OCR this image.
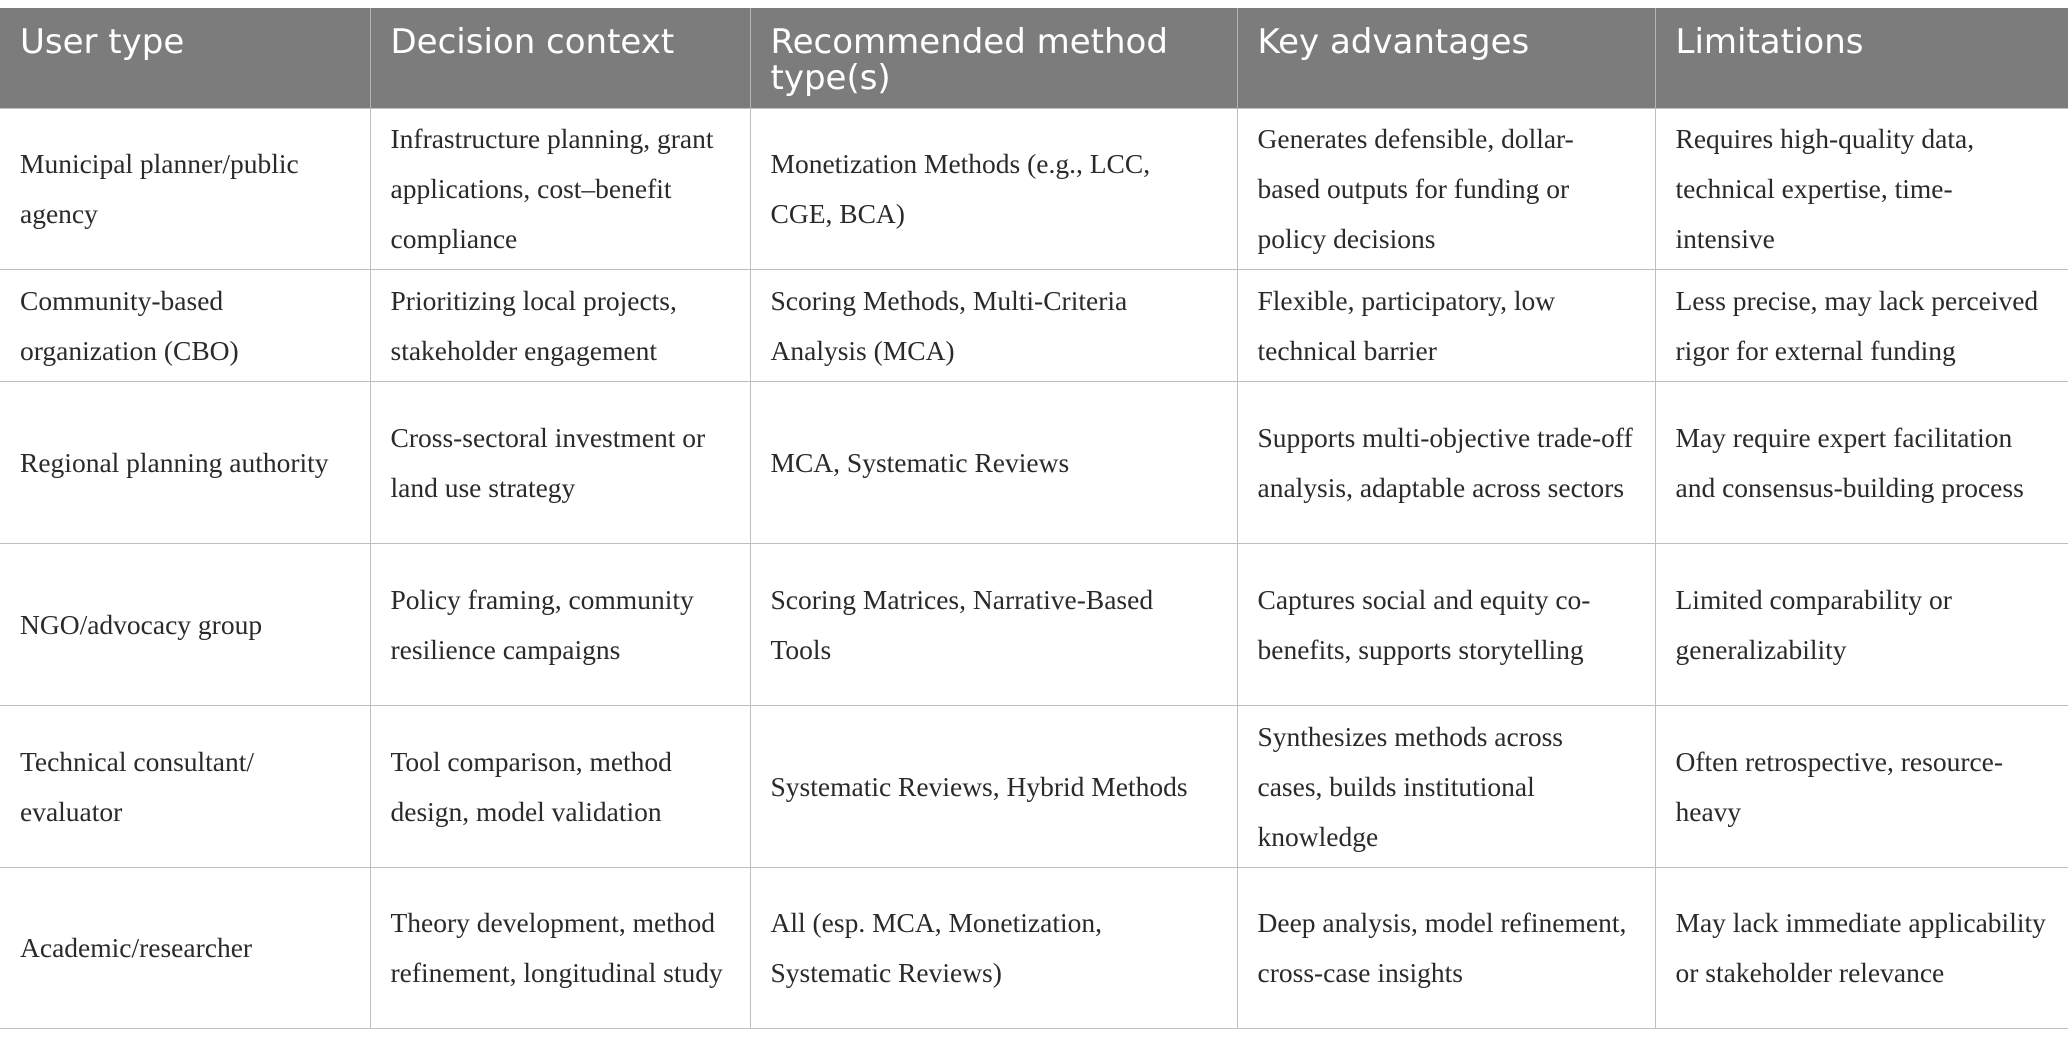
User type	Decision context	Recommended method type(s)	Key advantages	Limitations
Municipal planner/public agency	Infrastructure planning, grant applications, cost–benefit compliance	Monetization Methods (e.g., LCC, CGE, BCA)	Generates defensible, dollar-based outputs for funding or policy decisions	Requires high-quality data, technical expertise, time-intensive
Community-based organization (CBO)	Prioritizing local projects, stakeholder engagement	Scoring Methods, Multi-Criteria Analysis (MCA)	Flexible, participatory, low technical barrier	Less precise, may lack perceived rigor for external funding
Regional planning authority	Cross-sectoral investment or land use strategy	MCA, Systematic Reviews	Supports multi-objective trade-off analysis, adaptable across sectors	May require expert facilitation and consensus-building process
NGO/advocacy group	Policy framing, community resilience campaigns	Scoring Matrices, Narrative-Based Tools	Captures social and equity co-benefits, supports storytelling	Limited comparability or generalizability
Technical consultant/ evaluator	Tool comparison, method design, model validation	Systematic Reviews, Hybrid Methods	Synthesizes methods across cases, builds institutional knowledge	Often retrospective, resource-heavy
Academic/researcher	Theory development, method refinement, longitudinal study	All (esp. MCA, Monetization, Systematic Reviews)	Deep analysis, model refinement, cross-case insights	May lack immediate applicability or stakeholder relevance
